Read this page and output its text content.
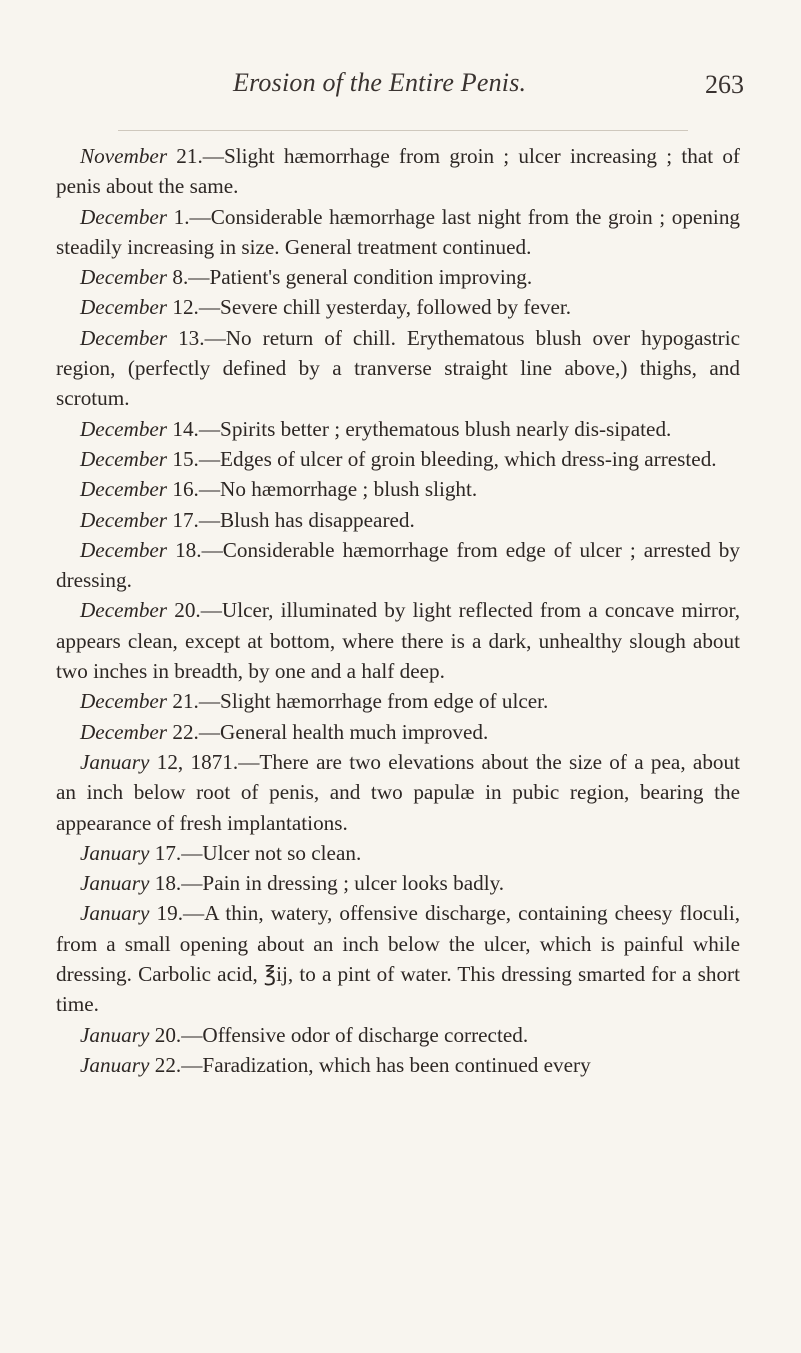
Erosion of the Entire Penis.	263

November 21.—Slight hæmorrhage from groin ; ulcer increasing ; that of penis about the same.

December 1.—Considerable hæmorrhage last night from the groin ; opening steadily increasing in size. General treatment continued.

December 8.—Patient's general condition improving.

December 12.—Severe chill yesterday, followed by fever.

December 13.—No return of chill. Erythematous blush over hypogastric region, (perfectly defined by a tranverse straight line above,) thighs, and scrotum.

December 14.—Spirits better ; erythematous blush nearly dis-sipated.

December 15.—Edges of ulcer of groin bleeding, which dress-ing arrested.

December 16.—No hæmorrhage ; blush slight.

December 17.—Blush has disappeared.

December 18.—Considerable hæmorrhage from edge of ulcer ; arrested by dressing.

December 20.—Ulcer, illuminated by light reflected from a concave mirror, appears clean, except at bottom, where there is a dark, unhealthy slough about two inches in breadth, by one and a half deep.

December 21.—Slight hæmorrhage from edge of ulcer.

December 22.—General health much improved.

January 12, 1871.—There are two elevations about the size of a pea, about an inch below root of penis, and two papulæ in pubic region, bearing the appearance of fresh implantations.

January 17.—Ulcer not so clean.

January 18.—Pain in dressing ; ulcer looks badly.

January 19.—A thin, watery, offensive discharge, containing cheesy floculi, from a small opening about an inch below the ulcer, which is painful while dressing. Carbolic acid, ℥ij, to a pint of water. This dressing smarted for a short time.

January 20.—Offensive odor of discharge corrected.

January 22.—Faradization, which has been continued every
